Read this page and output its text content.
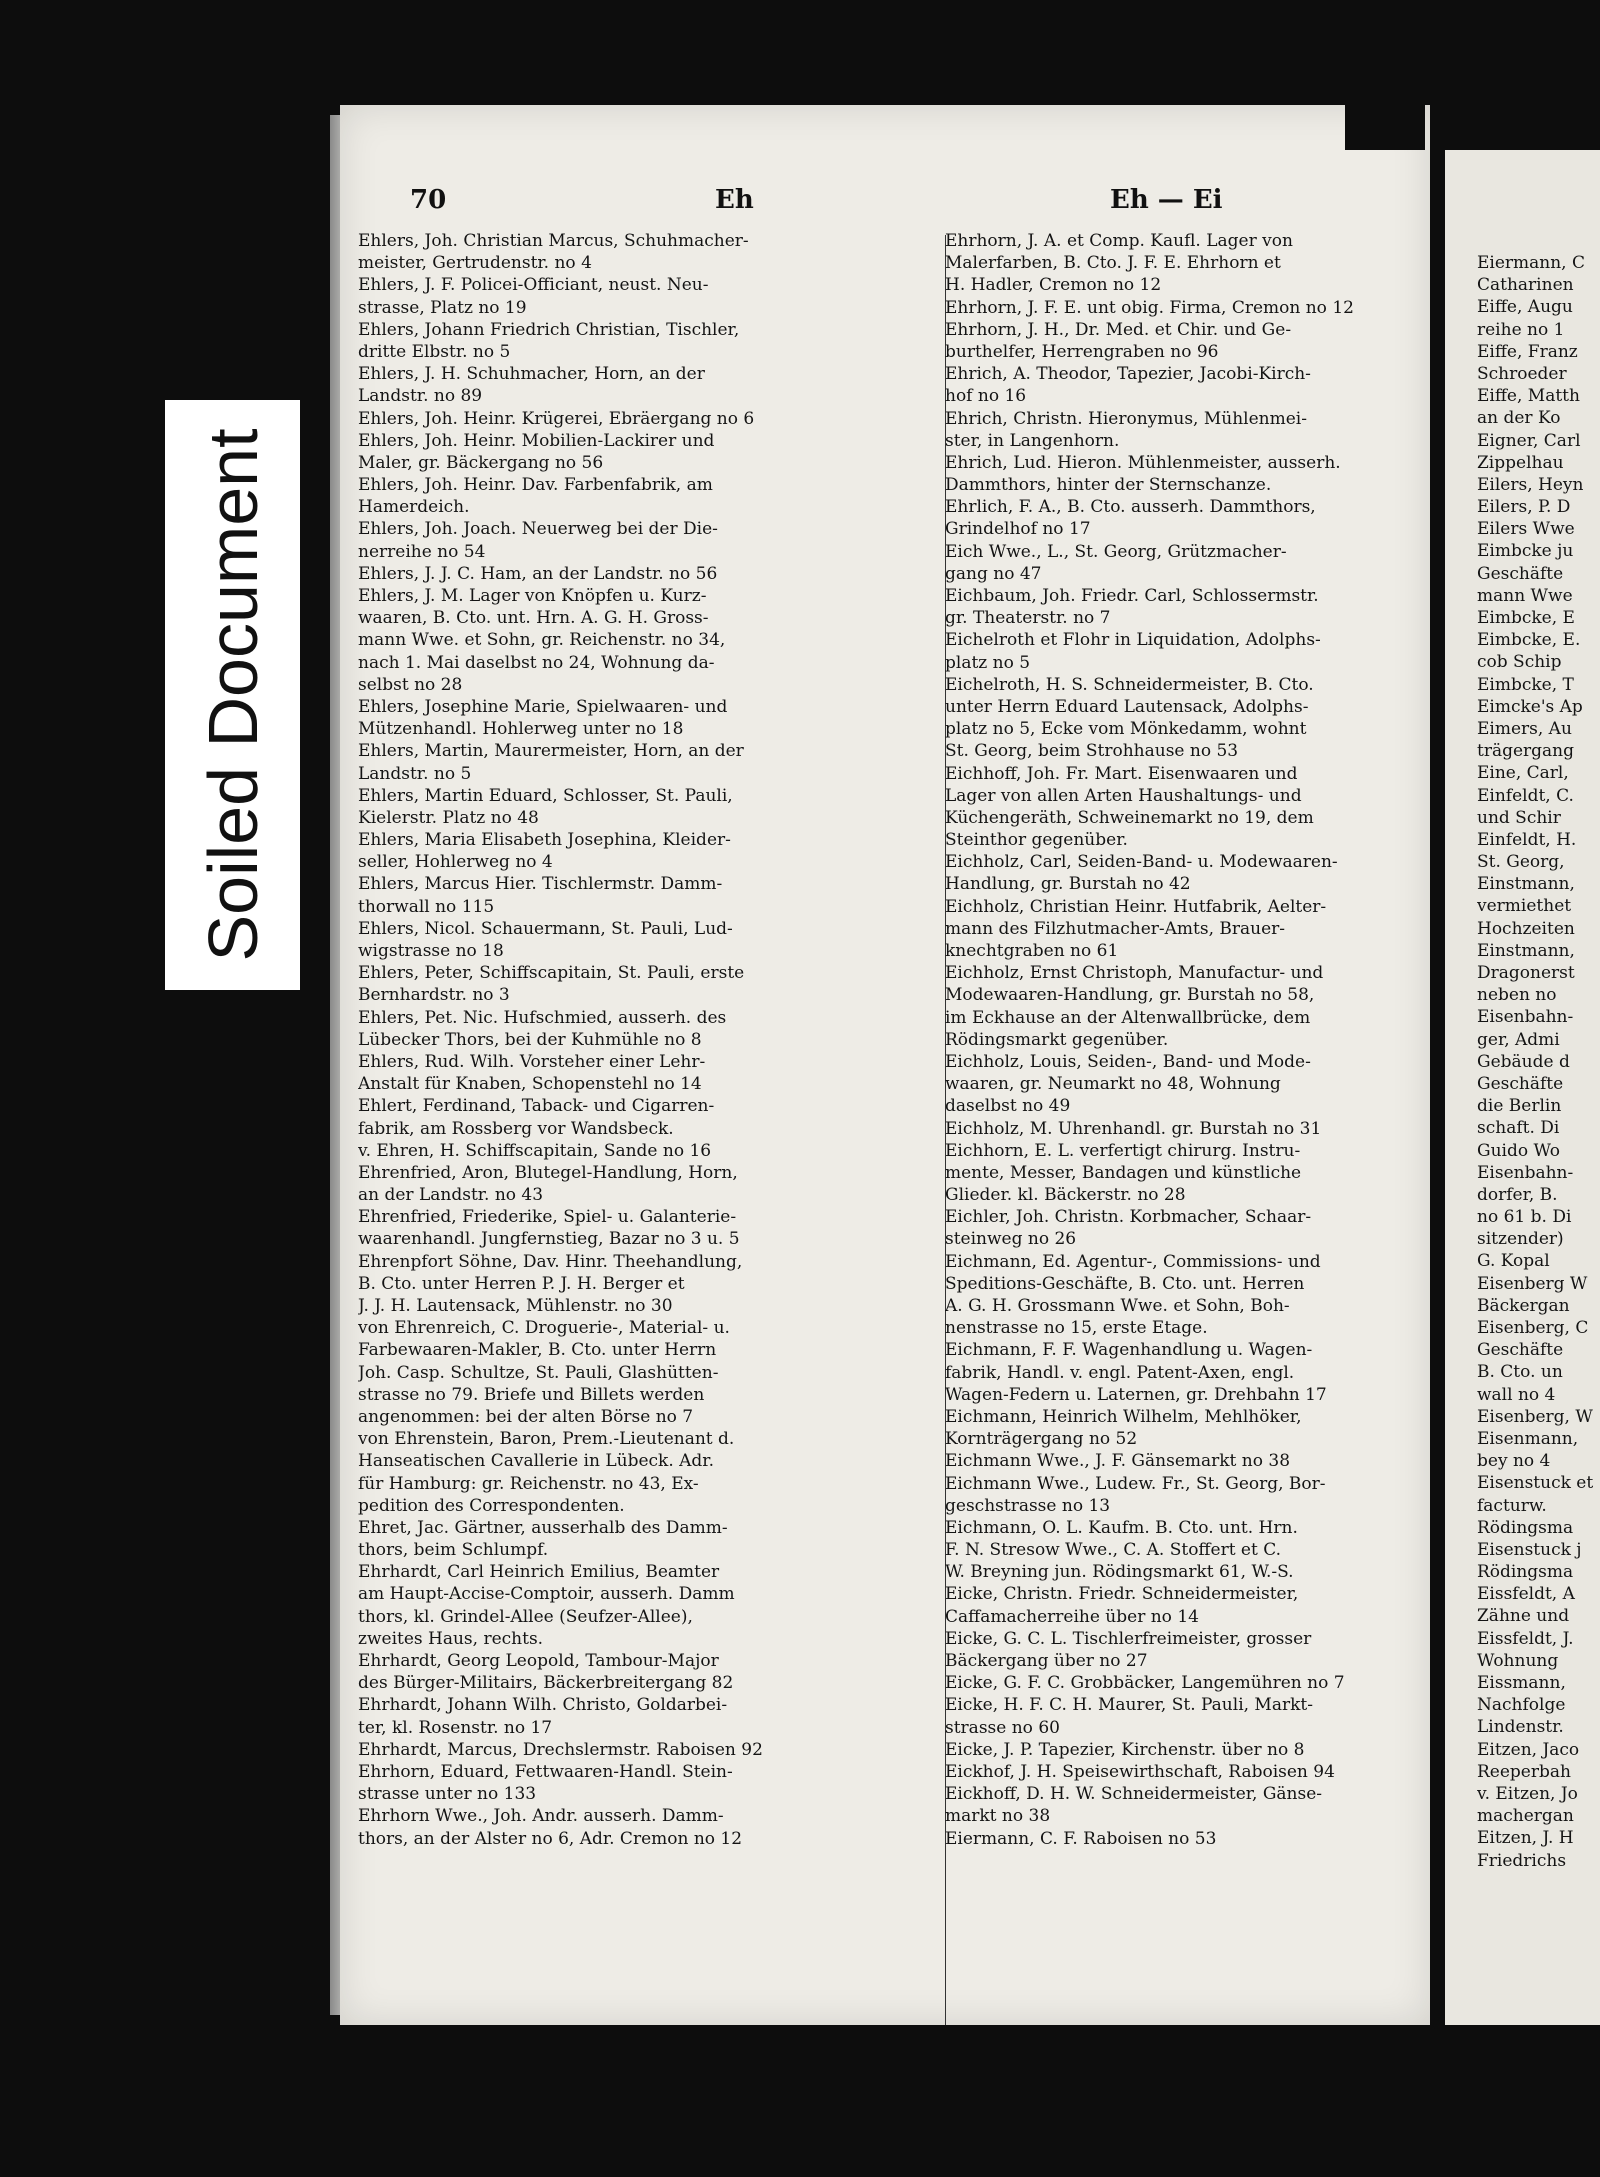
70	Eh	Eh — Ei
Ehlers, Joh. Christian Marcus, Schuhmacher-
meister, Gertrudenstr. no 4
Ehlers, J. F. Policei-Officiant, neust. Neu-
strasse, Platz no 19
Ehlers, Johann Friedrich Christian, Tischler,
dritte Elbstr. no 5
Ehlers, J. H. Schuhmacher, Horn, an der
Landstr. no 89
Ehlers, Joh. Heinr. Krügerei, Ebräergang no 6
Ehlers, Joh. Heinr. Mobilien-Lackirer und
Maler, gr. Bäckergang no 56
Ehlers, Joh. Heinr. Dav. Farbenfabrik, am
Hamerdeich.
Ehlers, Joh. Joach. Neuerweg bei der Die-
nerreihe no 54
Ehlers, J. J. C. Ham, an der Landstr. no 56
Ehlers, J. M. Lager von Knöpfen u. Kurz-
waaren, B. Cto. unt. Hrn. A. G. H. Gross-
mann Wwe. et Sohn, gr. Reichenstr. no 34,
nach 1. Mai daselbst no 24, Wohnung da-
selbst no 28
Ehlers, Josephine Marie, Spielwaaren- und
Mützenhandl. Hohlerweg unter no 18
Ehlers, Martin, Maurermeister, Horn, an der
Landstr. no 5
Ehlers, Martin Eduard, Schlosser, St. Pauli,
Kielerstr. Platz no 48
Ehlers, Maria Elisabeth Josephina, Kleider-
seller, Hohlerweg no 4
Ehlers, Marcus Hier. Tischlermstr. Damm-
thorwall no 115
Ehlers, Nicol. Schauermann, St. Pauli, Lud-
wigstrasse no 18
Ehlers, Peter, Schiffscapitain, St. Pauli, erste
Bernhardstr. no 3
Ehlers, Pet. Nic. Hufschmied, ausserh. des
Lübecker Thors, bei der Kuhmühle no 8
Ehlers, Rud. Wilh. Vorsteher einer Lehr-
Anstalt für Knaben, Schopenstehl no 14
Ehlert, Ferdinand, Taback- und Cigarren-
fabrik, am Rossberg vor Wandsbeck.
v. Ehren, H. Schiffscapitain, Sande no 16
Ehrenfried, Aron, Blutegel-Handlung, Horn,
an der Landstr. no 43
Ehrenfried, Friederike, Spiel- u. Galanterie-
waarenhandl. Jungfernstieg, Bazar no 3 u. 5
Ehrenpfort Söhne, Dav. Hinr. Theehandlung,
B. Cto. unter Herren P. J. H. Berger et
J. J. H. Lautensack, Mühlenstr. no 30
von Ehrenreich, C. Droguerie-, Material- u.
Farbewaaren-Makler, B. Cto. unter Herrn
Joh. Casp. Schultze, St. Pauli, Glashütten-
strasse no 79. Briefe und Billets werden
angenommen: bei der alten Börse no 7
von Ehrenstein, Baron, Prem.-Lieutenant d.
Hanseatischen Cavallerie in Lübeck. Adr.
für Hamburg: gr. Reichenstr. no 43, Ex-
pedition des Correspondenten.
Ehret, Jac. Gärtner, ausserhalb des Damm-
thors, beim Schlumpf.
Ehrhardt, Carl Heinrich Emilius, Beamter
am Haupt-Accise-Comptoir, ausserh. Damm
thors, kl. Grindel-Allee (Seufzer-Allee),
zweites Haus, rechts.
Ehrhardt, Georg Leopold, Tambour-Major
des Bürger-Militairs, Bäckerbreitergang 82
Ehrhardt, Johann Wilh. Christo, Goldarbei-
ter, kl. Rosenstr. no 17
Ehrhardt, Marcus, Drechslermstr. Raboisen 92
Ehrhorn, Eduard, Fettwaaren-Handl. Stein-
strasse unter no 133
Ehrhorn Wwe., Joh. Andr. ausserh. Damm-
thors, an der Alster no 6, Adr. Cremon no 12
Ehrhorn, J. A. et Comp. Kaufl. Lager von
Malerfarben, B. Cto. J. F. E. Ehrhorn et
H. Hadler, Cremon no 12
Ehrhorn, J. F. E. unt obig. Firma, Cremon no 12
Ehrhorn, J. H., Dr. Med. et Chir. und Ge-
burthelfer, Herrengraben no 96
Ehrich, A. Theodor, Tapezier, Jacobi-Kirch-
hof no 16
Ehrich, Christn. Hieronymus, Mühlenmei-
ster, in Langenhorn.
Ehrich, Lud. Hieron. Mühlenmeister, ausserh.
Dammthors, hinter der Sternschanze.
Ehrlich, F. A., B. Cto. ausserh. Dammthors,
Grindelhof no 17
Eich Wwe., L., St. Georg, Grützmacher-
gang no 47
Eichbaum, Joh. Friedr. Carl, Schlossermstr.
gr. Theaterstr. no 7
Eichelroth et Flohr in Liquidation, Adolphs-
platz no 5
Eichelroth, H. S. Schneidermeister, B. Cto.
unter Herrn Eduard Lautensack, Adolphs-
platz no 5, Ecke vom Mönkedamm, wohnt
St. Georg, beim Strohhause no 53
Eichhoff, Joh. Fr. Mart. Eisenwaaren und
Lager von allen Arten Haushaltungs- und
Küchengeräth, Schweinemarkt no 19, dem
Steinthor gegenüber.
Eichholz, Carl, Seiden-Band- u. Modewaaren-
Handlung, gr. Burstah no 42
Eichholz, Christian Heinr. Hutfabrik, Aelter-
mann des Filzhutmacher-Amts, Brauer-
knechtgraben no 61
Eichholz, Ernst Christoph, Manufactur- und
Modewaaren-Handlung, gr. Burstah no 58,
im Eckhause an der Altenwallbrücke, dem
Rödingsmarkt gegenüber.
Eichholz, Louis, Seiden-, Band- und Mode-
waaren, gr. Neumarkt no 48, Wohnung
daselbst no 49
Eichholz, M. Uhrenhandl. gr. Burstah no 31
Eichhorn, E. L. verfertigt chirurg. Instru-
mente, Messer, Bandagen und künstliche
Glieder. kl. Bäckerstr. no 28
Eichler, Joh. Christn. Korbmacher, Schaar-
steinweg no 26
Eichmann, Ed. Agentur-, Commissions- und
Speditions-Geschäfte, B. Cto. unt. Herren
A. G. H. Grossmann Wwe. et Sohn, Boh-
nenstrasse no 15, erste Etage.
Eichmann, F. F. Wagenhandlung u. Wagen-
fabrik, Handl. v. engl. Patent-Axen, engl.
Wagen-Federn u. Laternen, gr. Drehbahn 17
Eichmann, Heinrich Wilhelm, Mehlhöker,
Kornträgergang no 52
Eichmann Wwe., J. F. Gänsemarkt no 38
Eichmann Wwe., Ludew. Fr., St. Georg, Bor-
geschstrasse no 13
Eichmann, O. L. Kaufm. B. Cto. unt. Hrn.
F. N. Stresow Wwe., C. A. Stoffert et C.
W. Breyning jun. Rödingsmarkt 61, W.-S.
Eicke, Christn. Friedr. Schneidermeister,
Caffamacherreihe über no 14
Eicke, G. C. L. Tischlerfreimeister, grosser
Bäckergang über no 27
Eicke, G. F. C. Grobbäcker, Langemühren no 7
Eicke, H. F. C. H. Maurer, St. Pauli, Markt-
strasse no 60
Eicke, J. P. Tapezier, Kirchenstr. über no 8
Eickhof, J. H. Speisewirthschaft, Raboisen 94
Eickhoff, D. H. W. Schneidermeister, Gänse-
markt no 38
Eiermann, C. F. Raboisen no 53
Eiermann, C
Catharinen
Eiffe, Augu
reihe no 1
Eiffe, Franz
Schroeder
Eiffe, Matth
an der Ko
Eigner, Carl
Zippelhau
Eilers, Heyn
Eilers, P. D
Eilers Wwe
Eimbcke ju
Geschäfte
mann Wwe
Eimbcke, E
Eimbcke, E.
cob Schip
Eimbcke, T
Eimcke's Ap
Eimers, Au
trägergang
Eine, Carl,
Einfeldt, C.
und Schir
Einfeldt, H.
St. Georg,
Einstmann,
vermiethet
Hochzeiten
Einstmann,
Dragonerst
neben no
Eisenbahn-
ger, Admi
Gebäude d
Geschäfte
die Berlin
schaft. Di
Guido Wo
Eisenbahn-
dorfer, B.
no 61 b. Di
sitzender)
G. Kopal
Eisenberg W
Bäckergan
Eisenberg, C
Geschäfte
B. Cto. un
wall no 4
Eisenberg, W
Eisenmann,
bey no 4
Eisenstuck et
facturw.
Rödingsma
Eisenstuck j
Rödingsma
Eissfeldt, A
Zähne und
Eissfeldt, J.
Wohnung
Eissmann,
Nachfolge
Lindenstr.
Eitzen, Jaco
Reeperbah
v. Eitzen, Jo
machergan
Eitzen, J. H
Friedrichs
Soiled Document
